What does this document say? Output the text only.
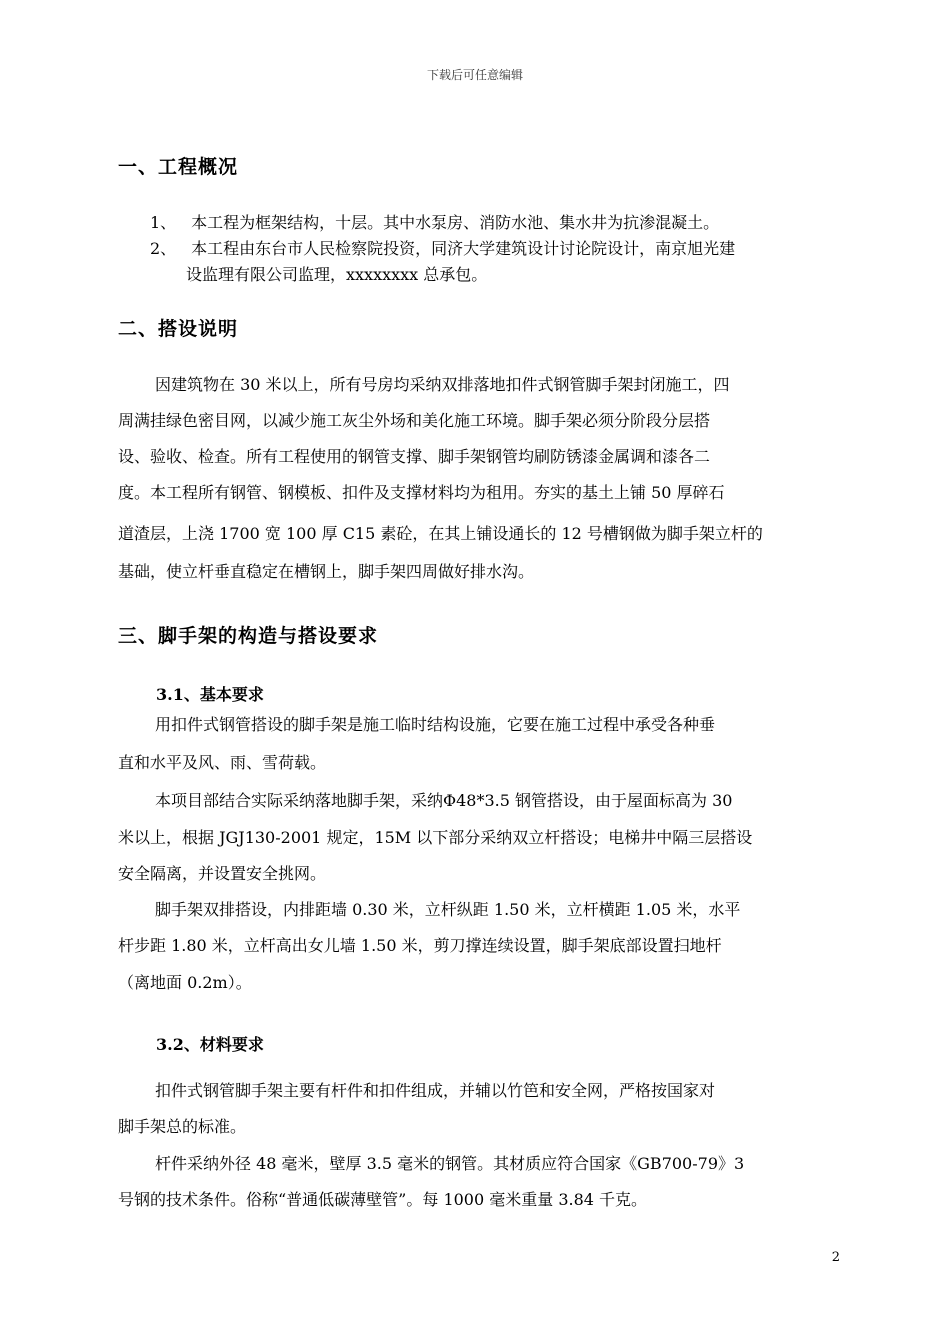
下载后可任意编辑
一、工程概况
1、 本工程为框架结构，十层。其中水泵房、消防水池、集水井为抗渗混凝土。
2、 本工程由东台市人民检察院投资，同济大学建筑设计讨论院设计，南京旭光建
设监理有限公司监理，xxxxxxxx 总承包。
二、搭设说明
因建筑物在 30 米以上，所有号房均采纳双排落地扣件式钢管脚手架封闭施工，四
周满挂绿色密目网，以减少施工灰尘外场和美化施工环境。脚手架必须分阶段分层搭
设、验收、检查。所有工程使用的钢管支撑、脚手架钢管均刷防锈漆金属调和漆各二
度。本工程所有钢管、钢模板、扣件及支撑材料均为租用。夯实的基土上铺 50 厚碎石
道渣层，上浇 1700 宽 100 厚 C15 素砼，在其上铺设通长的 12 号槽钢做为脚手架立杆的
基础，使立杆垂直稳定在槽钢上，脚手架四周做好排水沟。
三、脚手架的构造与搭设要求
3.1、基本要求
用扣件式钢管搭设的脚手架是施工临时结构设施，它要在施工过程中承受各种垂
直和水平及风、雨、雪荷载。
本项目部结合实际采纳落地脚手架，采纳Φ48*3.5 钢管搭设，由于屋面标高为 30
米以上，根据 JGJ130-2001 规定，15M 以下部分采纳双立杆搭设；电梯井中隔三层搭设
安全隔离，并设置安全挑网。
脚手架双排搭设，内排距墙 0.30 米，立杆纵距 1.50 米，立杆横距 1.05 米，水平
杆步距 1.80 米，立杆高出女儿墙 1.50 米，剪刀撑连续设置，脚手架底部设置扫地杆
（离地面 0.2m）。
3.2、材料要求
扣件式钢管脚手架主要有杆件和扣件组成，并辅以竹笆和安全网，严格按国家对
脚手架总的标准。
杆件采纳外径 48 毫米，壁厚 3.5 毫米的钢管。其材质应符合国家《GB700-79》3
号钢的技术条件。俗称“普通低碳薄壁管”。每 1000 毫米重量 3.84 千克。
2
